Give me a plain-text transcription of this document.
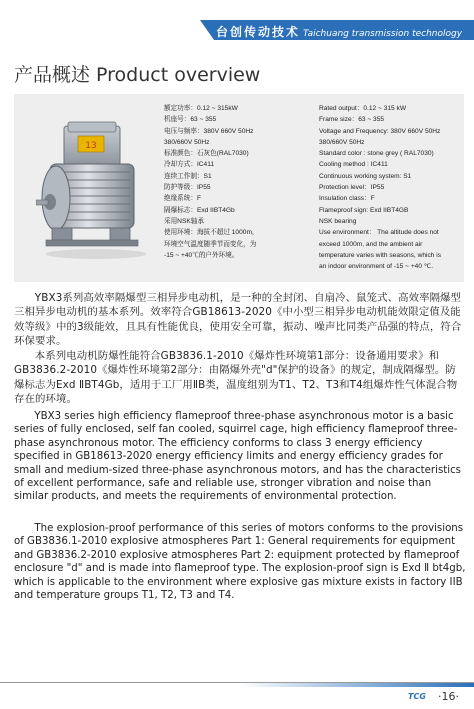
台创传动技术 Taichuang transmission technology
产品概述 Product overview
13
额定功率：0.12 ~ 315kW
机座号：63 ~ 355
电压与频率：380V 660V 50Hz
380/660V 50Hz
标准颜色：石灰色(RAL7030)
冷却方式：IC411
连续工作制：S1
防护等级：IP55
绝缘系统：F
隔爆标志：Exd IIBT4Gb
采用NSK轴承
使用环境：海拔不超过 1000m，
环境空气温度随季节而变化，为
-15 ~ +40℃的户外环境。
Rated output：0.12 ~ 315 kW
Frame size：63 ~ 355
Voltage and Frequency: 380V 660V 50Hz
380/660V 50Hz
Standard color : stone grey ( RAL7030)
Cooling method : IC411
Continuous working system: S1
Protection level：IP55
Insulation class：F
Flameproof sign: Exd IIBT4GB
NSK bearing
Use environment： The altitude does not
exceed 1000m, and the ambient air
temperature varies with seasons, which is
an indoor environment of -15 ~ +40 ℃.

YBX3系列高效率隔爆型三相异步电动机，是一种的全封闭、自扇冷、鼠笼式、高效率隔爆型三相异步电动机的基本系列。效率符合GB18613-2020《中小型三相异步电动机能效限定值及能效等级》中的3级能效，且具有性能优良，使用安全可靠，振动、噪声比同类产品强的特点，符合环保要求。

本系列电动机防爆性能符合GB3836.1-2010《爆炸性环境第1部分：设备通用要求》和GB3836.2-2010《爆炸性环境第2部分：由隔爆外壳"d"保护的设备》的规定，制成隔爆型。防爆标志为Exd ⅡBT4Gb，适用于工厂用ⅡB类，温度组别为T1、T2、T3和T4组爆炸性气体混合物存在的环境。

YBX3 series high efficiency flameproof three-phase asynchronous motor is a basic series of fully enclosed, self fan cooled, squirrel cage, high efficiency flameproof three-phase asynchronous motor. The efficiency conforms to class 3 energy efficiency specified in GB18613-2020 energy efficiency limits and energy efficiency grades for small and medium-sized three-phase asynchronous motors, and has the characteristics of excellent performance, safe and reliable use, stronger vibration and noise than similar products, and meets the requirements of environmental protection.

The explosion-proof performance of this series of motors conforms to the provisions of GB3836.1-2010 explosive atmospheres Part 1: General requirements for equipment and GB3836.2-2010 explosive atmospheres Part 2: equipment protected by flameproof enclosure "d" and is made into flameproof type. The explosion-proof sign is Exd Ⅱ bt4gb, which is applicable to the environment where explosive gas mixture exists in factory IIB and temperature groups T1, T2, T3 and T4.

TCG ·16·
